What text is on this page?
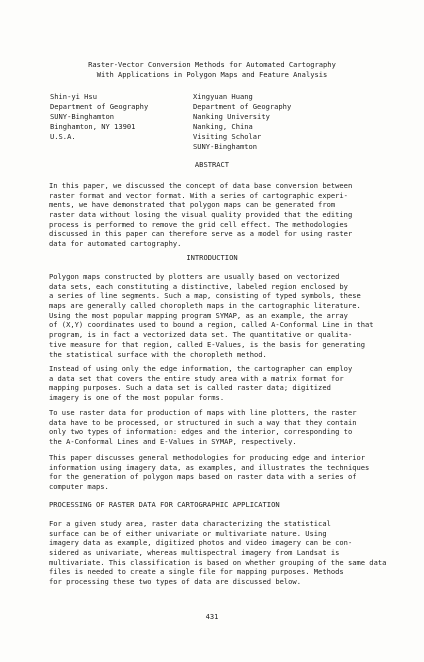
Raster-Vector Conversion Methods for Automated Cartography
With Applications in Polygon Maps and Feature Analysis
Shin-yi Hsu
Department of Geography
SUNY-Binghamton
Binghamton, NY 13901
U.S.A.
Xingyuan Huang
Department of Geography
Nanking University
Nanking, China
Visiting Scholar
SUNY-Binghamton
ABSTRACT
In this paper, we discussed the concept of data base conversion between
raster format and vector format. With a series of cartographic experi-
ments, we have demonstrated that polygon maps can be generated from
raster data without losing the visual quality provided that the editing
process is performed to remove the grid cell effect. The methodologies
discussed in this paper can therefore serve as a model for using raster
data for automated cartography.
INTRODUCTION
Polygon maps constructed by plotters are usually based on vectorized
data sets, each constituting a distinctive, labeled region enclosed by
a series of line segments. Such a map, consisting of typed symbols, these
maps are generally called choropleth maps in the cartographic literature.
Using the most popular mapping program SYMAP, as an example, the array
of (X,Y) coordinates used to bound a region, called A-Conformal Line in that
program, is in fact a vectorized data set. The quantitative or qualita-
tive measure for that region, called E-Values, is the basis for generating
the statistical surface with the choropleth method.
Instead of using only the edge information, the cartographer can employ
a data set that covers the entire study area with a matrix format for
mapping purposes. Such a data set is called raster data; digitized
imagery is one of the most popular forms.
To use raster data for production of maps with line plotters, the raster
data have to be processed, or structured in such a way that they contain
only two types of information: edges and the interior, corresponding to
the A-Conformal Lines and E-Values in SYMAP, respectively.
This paper discusses general methodologies for producing edge and interior
information using imagery data, as examples, and illustrates the techniques
for the generation of polygon maps based on raster data with a series of
computer maps.
PROCESSING OF RASTER DATA FOR CARTOGRAPHIC APPLICATION
For a given study area, raster data characterizing the statistical
surface can be of either univariate or multivariate nature. Using
imagery data as example, digitized photos and video imagery can be con-
sidered as univariate, whereas multispectral imagery from Landsat is
multivariate. This classification is based on whether grouping of the same data
files is needed to create a single file for mapping purposes. Methods
for processing these two types of data are discussed below.
431
